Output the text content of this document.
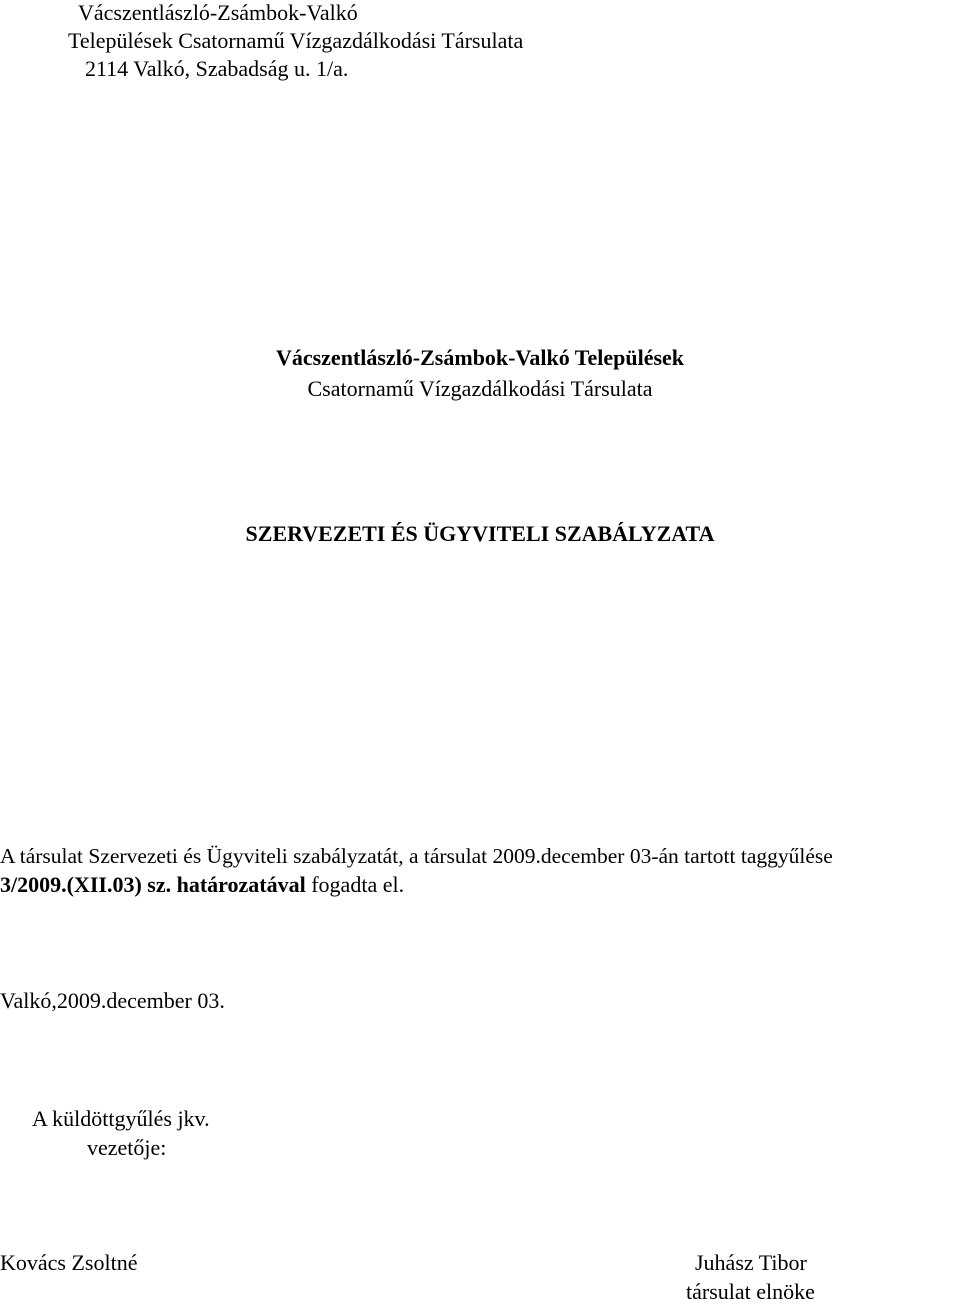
Vácszentlászló-Zsámbok-Valkó
Települések Csatornamű Vízgazdálkodási Társulata
2114 Valkó, Szabadság u. 1/a.
Vácszentlászló-Zsámbok-Valkó Települések
Csatornamű Vízgazdálkodási Társulata
SZERVEZETI ÉS ÜGYVITELI SZABÁLYZATA
A társulat Szervezeti és Ügyviteli szabályzatát, a társulat 2009.december 03-án tartott taggyűlése
3/2009.(XII.03) sz. határozatával fogadta el.
Valkó,2009.december 03.
A küldöttgyűlés jkv.
vezetője:
Kovács Zsoltné	Juhász Tibor
társulat elnöke
